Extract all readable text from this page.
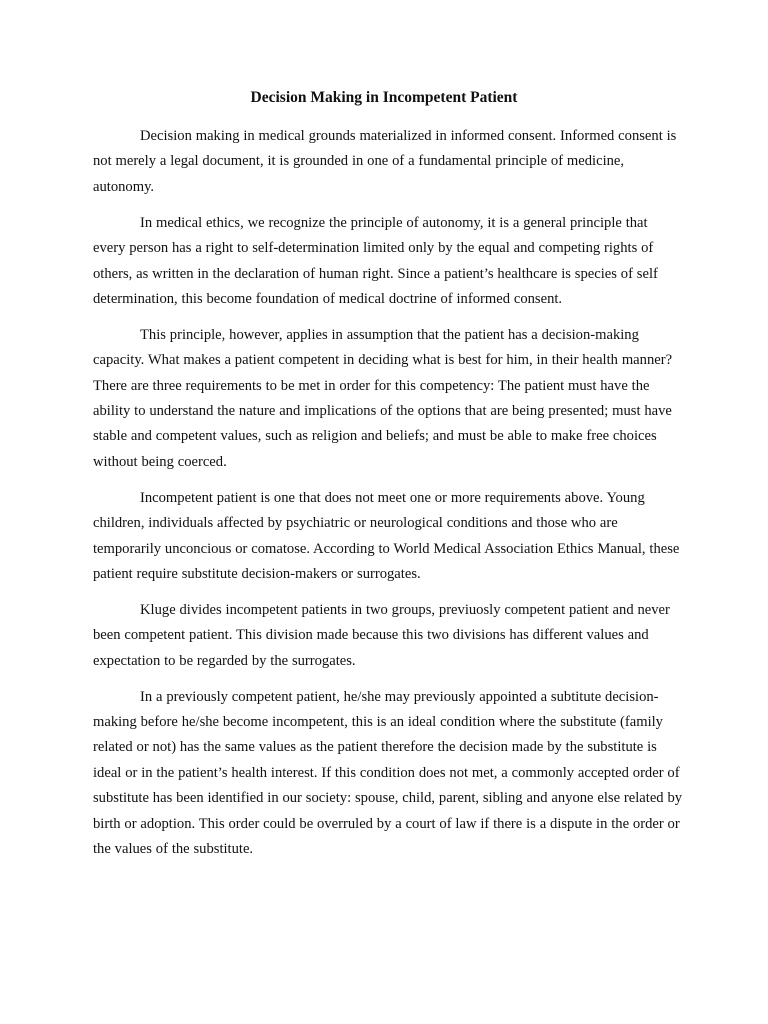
Decision Making in Incompetent Patient

Decision making in medical grounds materialized in informed consent. Informed consent is not merely a legal document, it is grounded in one of a fundamental principle of medicine, autonomy.

In medical ethics, we recognize the principle of autonomy, it is a general principle that every person has a right to self-determination limited only by the equal and competing rights of others, as written in the declaration of human right. Since a patient’s healthcare is species of self determination, this become foundation of medical doctrine of informed consent.

This principle, however, applies in assumption that the patient has a decision-making capacity. What makes a patient competent in deciding what is best for him, in their health manner? There are three requirements to be met in order for this competency: The patient must have the ability to understand the nature and implications of the options that are being presented; must have stable and competent values, such as religion and beliefs; and must be able to make free choices without being coerced.

Incompetent patient is one that does not meet one or more requirements above. Young children, individuals affected by psychiatric or neurological conditions and those who are temporarily unconcious or comatose. According to World Medical Association Ethics Manual, these patient require substitute decision-makers or surrogates.

Kluge divides incompetent patients in two groups, previuosly competent patient and never been competent patient. This division made because this two divisions has different values and expectation to be regarded by the surrogates.

In a previously competent patient, he/she may previously appointed a subtitute decision-making before he/she become incompetent, this is an ideal condition where the substitute (family related or not) has the same values as the patient therefore the decision made by the substitute is ideal or in the patient’s health interest. If this condition does not met, a commonly accepted order of substitute has been identified in our society: spouse, child, parent, sibling and anyone else related by birth or adoption. This order could be overruled by a court of law if there is a dispute in the order or the values of the substitute.
